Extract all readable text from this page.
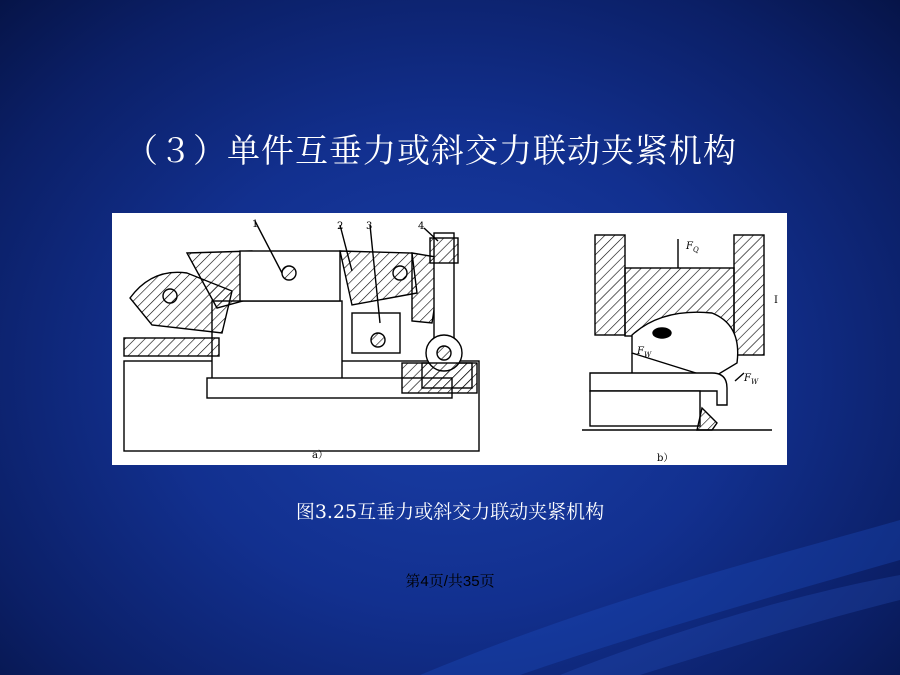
（３）单件互垂力或斜交力联动夹紧机构
1	2 3	4
a）
$F_Q$
$F_W$
$F_W$
I
b）
图3.25互垂力或斜交力联动夹紧机构
第4页/共35页
